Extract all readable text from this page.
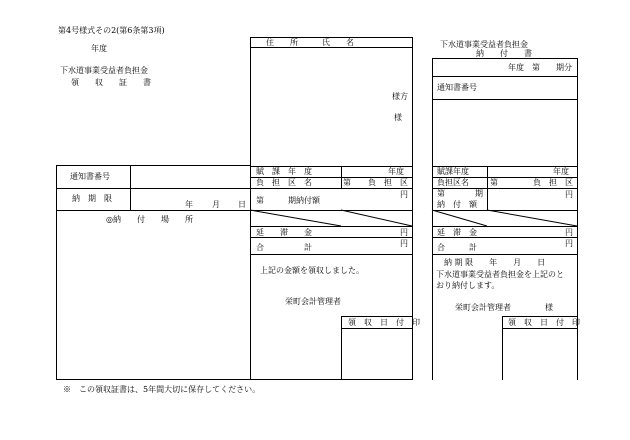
第4号様式その2(第6条第3項)
年度
下水道事業受益者負担金
領　　収　　証　　書
通知書番号
納　期　限
年 月 日
◎納　　付　　場　　所
住　　所　　　氏　　名
様方
様
賦　課　年　度	年度
負　担　区　名	第 負　担　区
第　　　期納付額
円
延　　滞　　金	円
合　　　　　計	円
上記の金額を領収しました。
栄町会計管理者
領　収　日　付　印
下水道事業受益者負担金
納　　付　　書
年度　第　　期分
通知書番号
賦課年度	年度
負担区名	第	負　担　区
第	期
納　付　額
円
延　滞　金	円
合　　　計	円
納 期 限　　年　　月　　日
下水道事業受益者負担金を上記のと
おり納付します。
栄町会計管理者	様
領　収　日　付　印
※　この領収証書は、5年間大切に保存してください。
